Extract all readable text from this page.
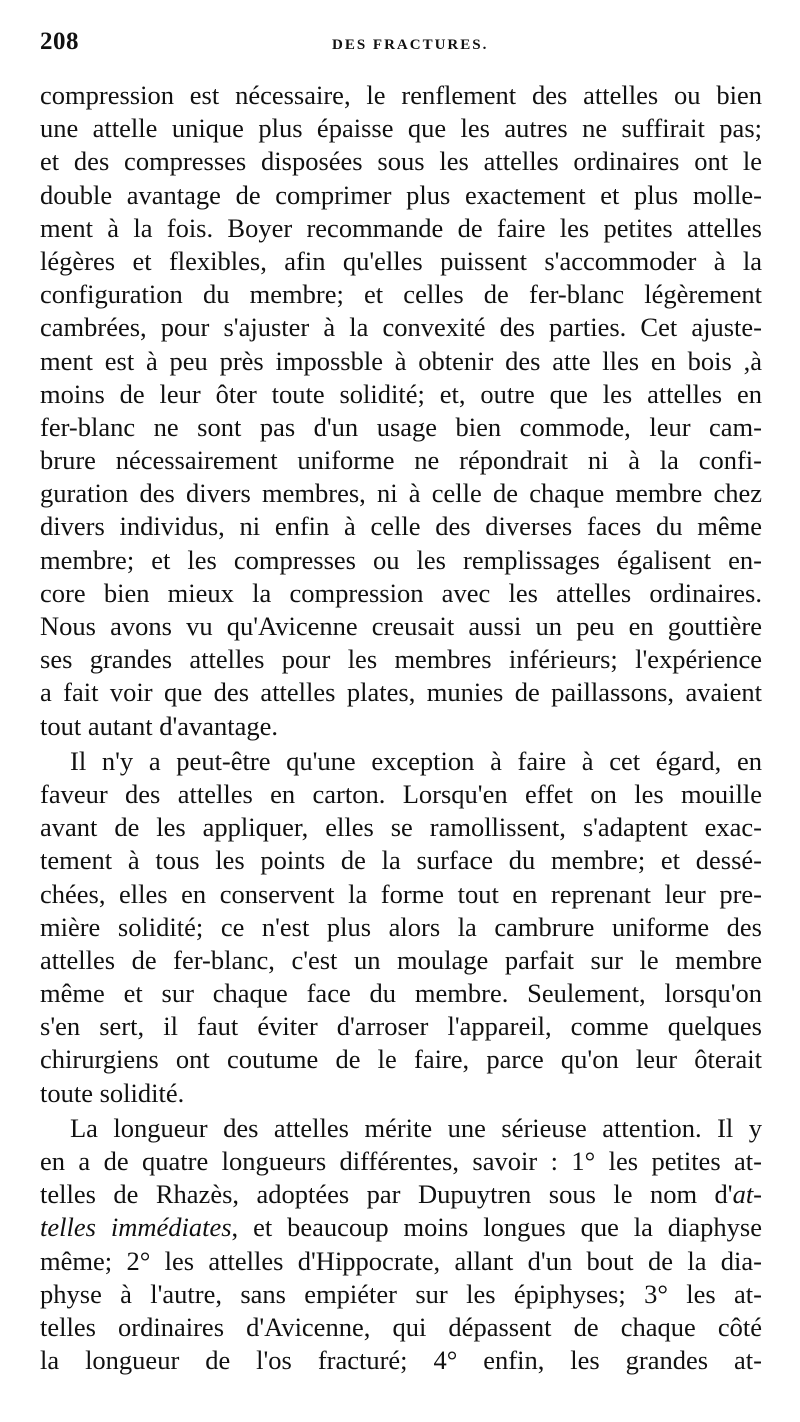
208	DES FRACTURES.
compression est nécessaire, le renflement des attelles ou bien
une attelle unique plus épaisse que les autres ne suffirait pas;
et des compresses disposées sous les attelles ordinaires ont le
double avantage de comprimer plus exactement et plus molle-
ment à la fois. Boyer recommande de faire les petites attelles
légères et flexibles, afin qu'elles puissent s'accommoder à la
configuration du membre; et celles de fer-blanc légèrement
cambrées, pour s'ajuster à la convexité des parties. Cet ajuste-
ment est à peu près impossble à obtenir des atte lles en bois ,à
moins de leur ôter toute solidité; et, outre que les attelles en
fer-blanc ne sont pas d'un usage bien commode, leur cam-
brure nécessairement uniforme ne répondrait ni à la confi-
guration des divers membres, ni à celle de chaque membre chez
divers individus, ni enfin à celle des diverses faces du même
membre; et les compresses ou les remplissages égalisent en-
core bien mieux la compression avec les attelles ordinaires.
Nous avons vu qu'Avicenne creusait aussi un peu en gouttière
ses grandes attelles pour les membres inférieurs; l'expérience
a fait voir que des attelles plates, munies de paillassons, avaient
tout autant d'avantage.
Il n'y a peut-être qu'une exception à faire à cet égard, en
faveur des attelles en carton. Lorsqu'en effet on les mouille
avant de les appliquer, elles se ramollissent, s'adaptent exac-
tement à tous les points de la surface du membre; et dessé-
chées, elles en conservent la forme tout en reprenant leur pre-
mière solidité; ce n'est plus alors la cambrure uniforme des
attelles de fer-blanc, c'est un moulage parfait sur le membre
même et sur chaque face du membre. Seulement, lorsqu'on
s'en sert, il faut éviter d'arroser l'appareil, comme quelques
chirurgiens ont coutume de le faire, parce qu'on leur ôterait
toute solidité.
La longueur des attelles mérite une sérieuse attention. Il y
en a de quatre longueurs différentes, savoir : 1° les petites at-
telles de Rhazès, adoptées par Dupuytren sous le nom d'at-
telles immédiates, et beaucoup moins longues que la diaphyse
même; 2° les attelles d'Hippocrate, allant d'un bout de la dia-
physe à l'autre, sans empiéter sur les épiphyses; 3° les at-
telles ordinaires d'Avicenne, qui dépassent de chaque côté
la longueur de l'os fracturé; 4° enfin, les grandes at-
